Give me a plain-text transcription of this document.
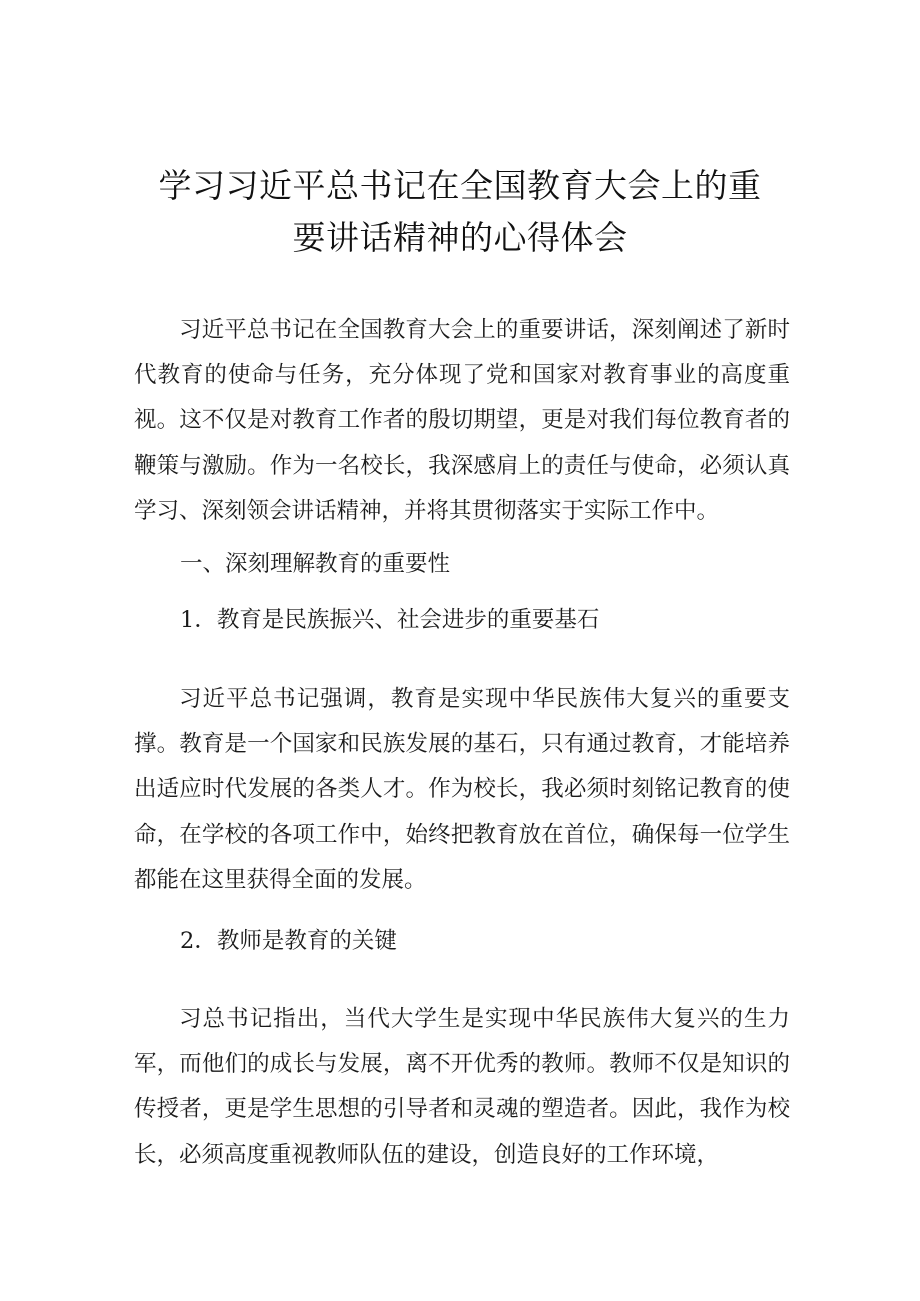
学习习近平总书记在全国教育大会上的重
要讲话精神的心得体会

习近平总书记在全国教育大会上的重要讲话，深刻阐述了新时代教育的使命与任务，充分体现了党和国家对教育事业的高度重视。这不仅是对教育工作者的殷切期望，更是对我们每位教育者的鞭策与激励。作为一名校长，我深感肩上的责任与使命，必须认真学习、深刻领会讲话精神，并将其贯彻落实于实际工作中。

一、深刻理解教育的重要性

1．教育是民族振兴、社会进步的重要基石

习近平总书记强调，教育是实现中华民族伟大复兴的重要支撑。教育是一个国家和民族发展的基石，只有通过教育，才能培养出适应时代发展的各类人才。作为校长，我必须时刻铭记教育的使命，在学校的各项工作中，始终把教育放在首位，确保每一位学生都能在这里获得全面的发展。

2．教师是教育的关键

习总书记指出，当代大学生是实现中华民族伟大复兴的生力军，而他们的成长与发展，离不开优秀的教师。教师不仅是知识的传授者，更是学生思想的引导者和灵魂的塑造者。因此，我作为校长，必须高度重视教师队伍的建设，创造良好的工作环境，
